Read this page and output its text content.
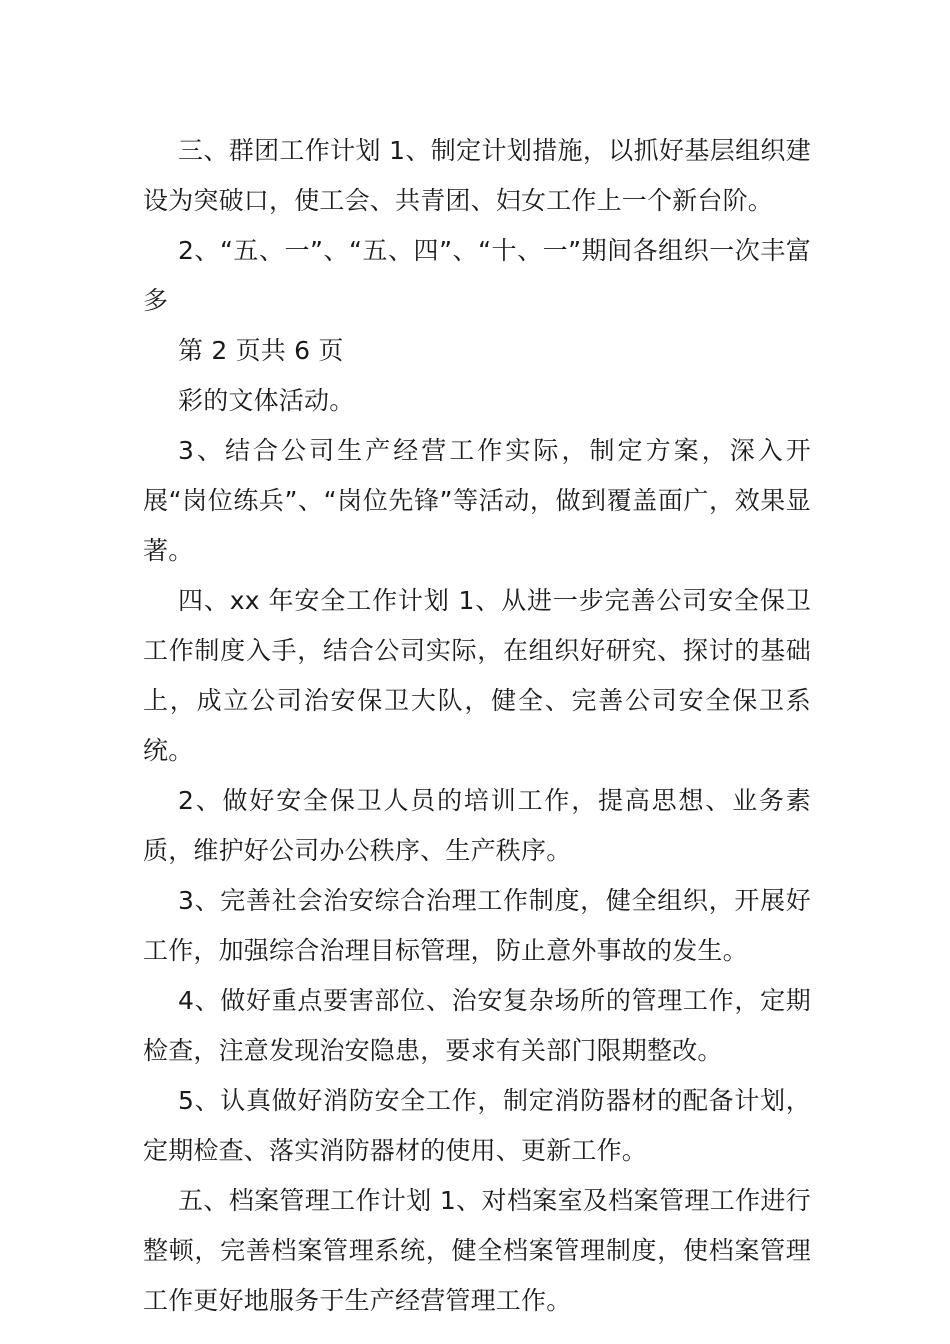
三、群团工作计划 1、制定计划措施，以抓好基层组织建设为突破口，使工会、共青团、妇女工作上一个新台阶。

2、“五、一”、“五、四”、“十、一”期间各组织一次丰富多

第 2 页共 6 页

彩的文体活动。

3、结合公司生产经营工作实际，制定方案，深入开展“岗位练兵”、“岗位先锋”等活动，做到覆盖面广，效果显著。

四、xx 年安全工作计划 1、从进一步完善公司安全保卫工作制度入手，结合公司实际，在组织好研究、探讨的基础上，成立公司治安保卫大队，健全、完善公司安全保卫系统。

2、做好安全保卫人员的培训工作，提高思想、业务素质，维护好公司办公秩序、生产秩序。

3、完善社会治安综合治理工作制度，健全组织，开展好工作，加强综合治理目标管理，防止意外事故的发生。

4、做好重点要害部位、治安复杂场所的管理工作，定期检查，注意发现治安隐患，要求有关部门限期整改。

5、认真做好消防安全工作，制定消防器材的配备计划，定期检查、落实消防器材的使用、更新工作。

五、档案管理工作计划 1、对档案室及档案管理工作进行整顿，完善档案管理系统，健全档案管理制度，使档案管理工作更好地服务于生产经营管理工作。
